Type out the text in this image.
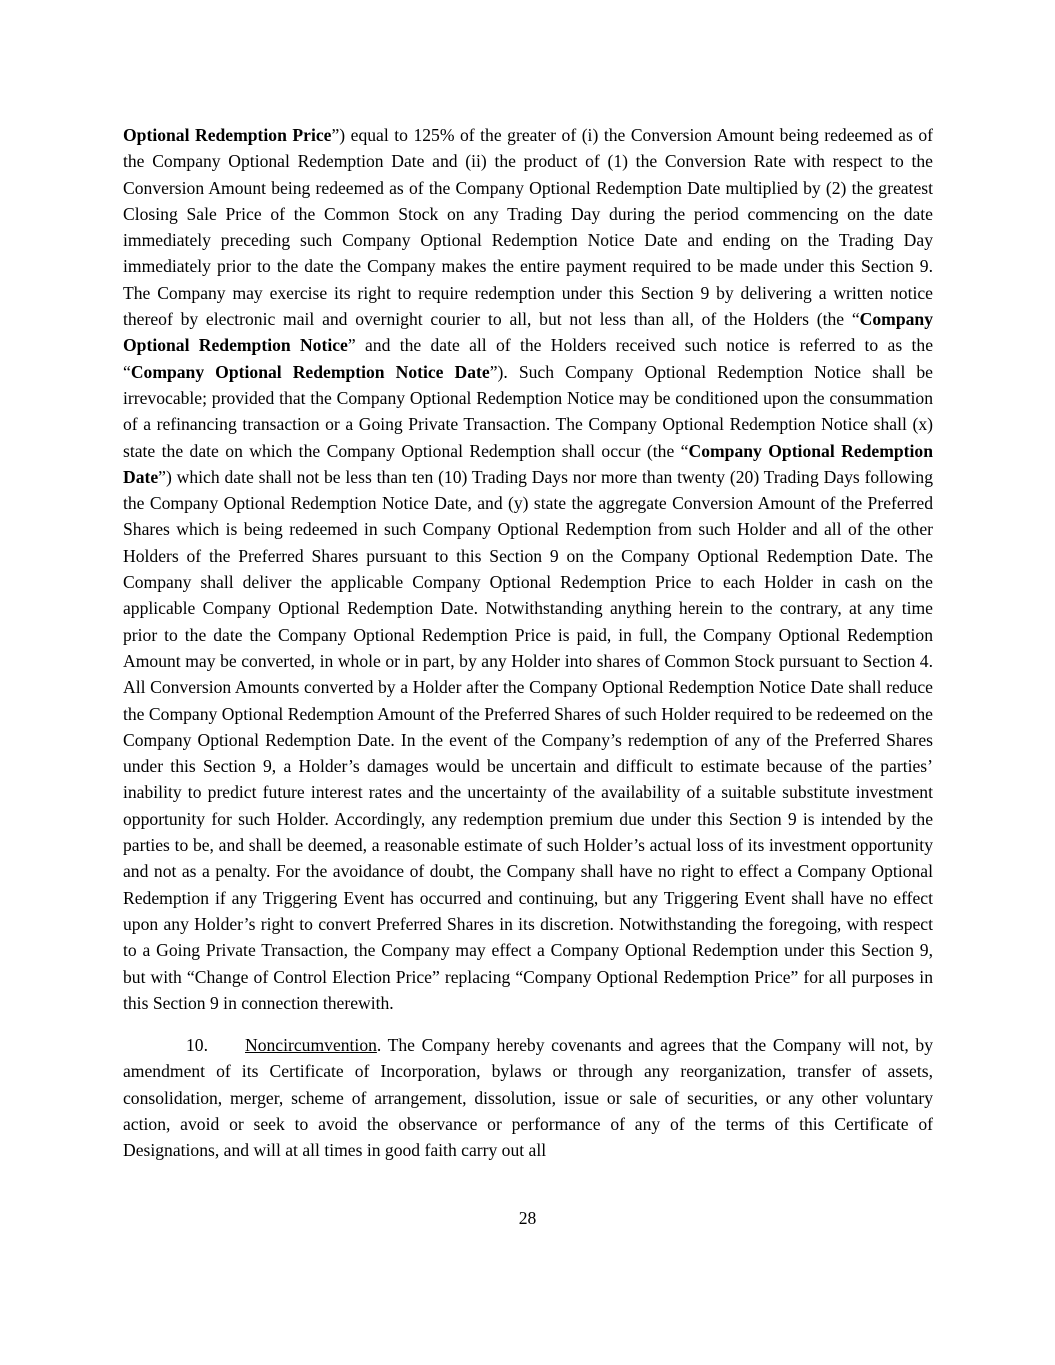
Optional Redemption Price”) equal to 125% of the greater of (i) the Conversion Amount being redeemed as of the Company Optional Redemption Date and (ii) the product of (1) the Conversion Rate with respect to the Conversion Amount being redeemed as of the Company Optional Redemption Date multiplied by (2) the greatest Closing Sale Price of the Common Stock on any Trading Day during the period commencing on the date immediately preceding such Company Optional Redemption Notice Date and ending on the Trading Day immediately prior to the date the Company makes the entire payment required to be made under this Section 9. The Company may exercise its right to require redemption under this Section 9 by delivering a written notice thereof by electronic mail and overnight courier to all, but not less than all, of the Holders (the “Company Optional Redemption Notice” and the date all of the Holders received such notice is referred to as the “Company Optional Redemption Notice Date”). Such Company Optional Redemption Notice shall be irrevocable; provided that the Company Optional Redemption Notice may be conditioned upon the consummation of a refinancing transaction or a Going Private Transaction. The Company Optional Redemption Notice shall (x) state the date on which the Company Optional Redemption shall occur (the “Company Optional Redemption Date”) which date shall not be less than ten (10) Trading Days nor more than twenty (20) Trading Days following the Company Optional Redemption Notice Date, and (y) state the aggregate Conversion Amount of the Preferred Shares which is being redeemed in such Company Optional Redemption from such Holder and all of the other Holders of the Preferred Shares pursuant to this Section 9 on the Company Optional Redemption Date. The Company shall deliver the applicable Company Optional Redemption Price to each Holder in cash on the applicable Company Optional Redemption Date. Notwithstanding anything herein to the contrary, at any time prior to the date the Company Optional Redemption Price is paid, in full, the Company Optional Redemption Amount may be converted, in whole or in part, by any Holder into shares of Common Stock pursuant to Section 4. All Conversion Amounts converted by a Holder after the Company Optional Redemption Notice Date shall reduce the Company Optional Redemption Amount of the Preferred Shares of such Holder required to be redeemed on the Company Optional Redemption Date. In the event of the Company’s redemption of any of the Preferred Shares under this Section 9, a Holder’s damages would be uncertain and difficult to estimate because of the parties’ inability to predict future interest rates and the uncertainty of the availability of a suitable substitute investment opportunity for such Holder. Accordingly, any redemption premium due under this Section 9 is intended by the parties to be, and shall be deemed, a reasonable estimate of such Holder’s actual loss of its investment opportunity and not as a penalty. For the avoidance of doubt, the Company shall have no right to effect a Company Optional Redemption if any Triggering Event has occurred and continuing, but any Triggering Event shall have no effect upon any Holder’s right to convert Preferred Shares in its discretion. Notwithstanding the foregoing, with respect to a Going Private Transaction, the Company may effect a Company Optional Redemption under this Section 9, but with “Change of Control Election Price” replacing “Company Optional Redemption Price” for all purposes in this Section 9 in connection therewith.

10. Noncircumvention. The Company hereby covenants and agrees that the Company will not, by amendment of its Certificate of Incorporation, bylaws or through any reorganization, transfer of assets, consolidation, merger, scheme of arrangement, dissolution, issue or sale of securities, or any other voluntary action, avoid or seek to avoid the observance or performance of any of the terms of this Certificate of Designations, and will at all times in good faith carry out all

28
